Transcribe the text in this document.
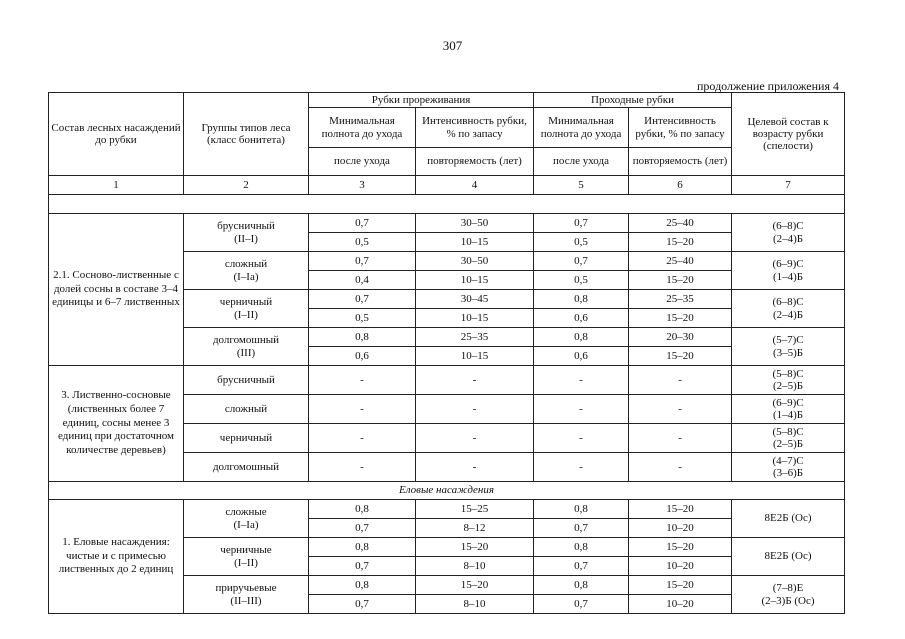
307
продолжение приложения 4
Состав лесных насаждений до рубки	Группы типов леса (класс бонитета)	Рубки прореживания		Проходные рубки		Целевой состав к возрасту рубки (спелости)
		Минимальная полнота до ухода	Интенсивность рубки, % по запасу	Минимальная полнота до ухода	Интенсивность рубки, % по запасу	
		после ухода	повторяемость (лет)	после ухода	повторяемость (лет)	
1	2	3	4	5	6	7

2.1. Сосново-лиственные с долей сосны в составе 3–4 единицы и 6–7 лиственных	брусничный
(II–I)	0,7	30–50	0,7	25–40	(6–8)С
(2–4)Б
		0,5	10–15	0,5	15–20	
	сложный
(I–Ia)	0,7	30–50	0,7	25–40	(6–9)С
(1–4)Б
		0,4	10–15	0,5	15–20	
	черничный
(I–II)	0,7	30–45	0,8	25–35	(6–8)С
(2–4)Б
		0,5	10–15	0,6	15–20	
	долгомошный
(III)	0,8	25–35	0,8	20–30	(5–7)С
(3–5)Б
		0,6	10–15	0,6	15–20	
3. Лиственно-сосновые (лиственных более 7 единиц, сосны менее 3 единиц при достаточном количестве деревьев)	брусничный	-	-	-	-	(5–8)С
(2–5)Б
	сложный	-	-	-	-	(6–9)С
(1–4)Б
	черничный	-	-	-	-	(5–8)С
(2–5)Б
	долгомошный	-	-	-	-	(4–7)С
(3–6)Б
Еловые насаждения						
1. Еловые насаждения: чистые и с примесью лиственных до 2 единиц	сложные
(I–Ia)	0,8	15–25	0,8	15–20	8Е2Б (Ос)
		0,7	8–12	0,7	10–20	
	черничные
(I–II)	0,8	15–20	0,8	15–20	8Е2Б (Ос)
		0,7	8–10	0,7	10–20	
	приручьевые
(II–III)	0,8	15–20	0,8	15–20	(7–8)Е
(2–3)Б (Ос)
		0,7	8–10	0,7	10–20	
